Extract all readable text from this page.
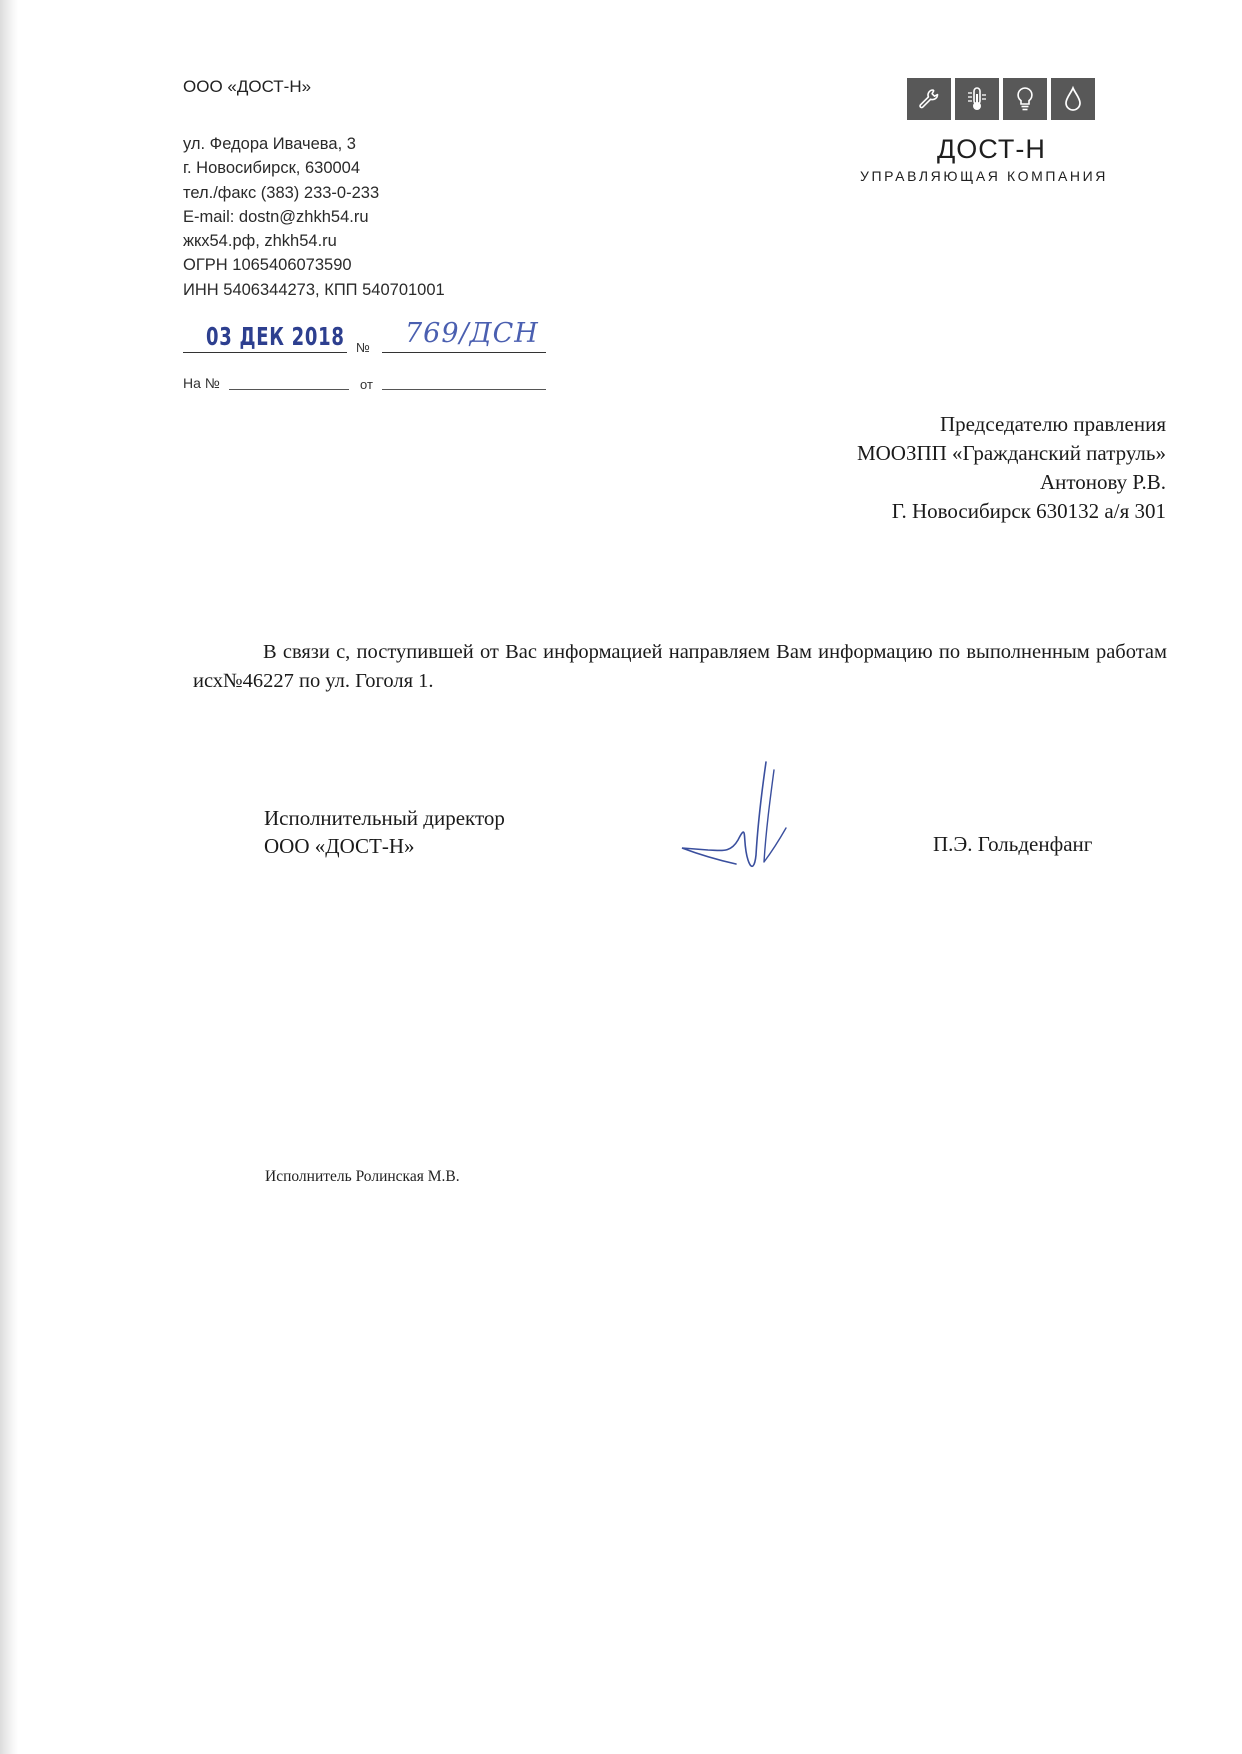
ООО «ДОСТ-Н»
ул. Федора Ивачева, 3
г. Новосибирск, 630004
тел./факс (383) 233-0-233
E-mail: dostn@zhkh54.ru
жкх54.рф, zhkh54.ru
ОГРН 1065406073590
ИНН 5406344273, КПП 540701001
03 ДЕК 2018 № 769/ДСН
На №	от
ДОСТ-Н
УПРАВЛЯЮЩАЯ КОМПАНИЯ
Председателю правления
МООЗПП «Гражданский патруль»
Антонову Р.В.
Г. Новосибирск 630132 а/я 301
В связи с, поступившей от Вас информацией направляем Вам информацию по выполненным работам исх№46227 по ул. Гоголя 1.
Исполнительный директор
ООО «ДОСТ-Н»	П.Э. Гольденфанг
Исполнитель Ролинская М.В.
